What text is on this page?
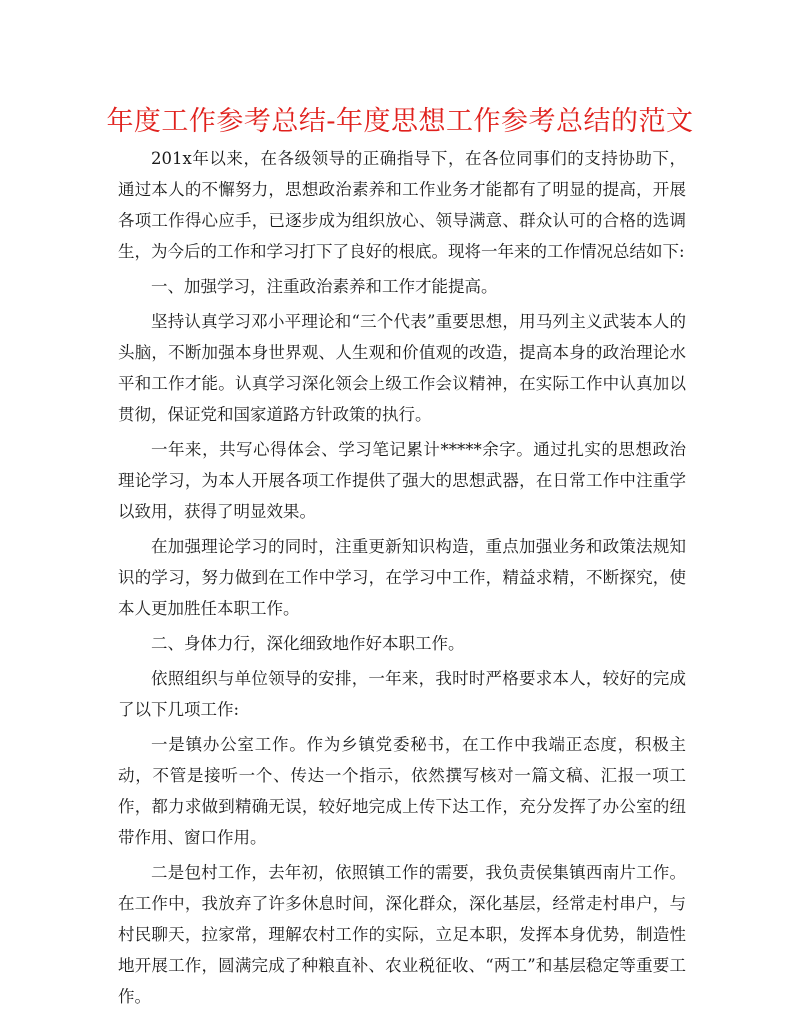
年度工作参考总结-年度思想工作参考总结的范文

201x年以来，在各级领导的正确指导下，在各位同事们的支持协助下，通过本人的不懈努力，思想政治素养和工作业务才能都有了明显的提高，开展各项工作得心应手，已逐步成为组织放心、领导满意、群众认可的合格的选调生，为今后的工作和学习打下了良好的根底。现将一年来的工作情况总结如下:

一、加强学习，注重政治素养和工作才能提高。

坚持认真学习邓小平理论和“三个代表”重要思想，用马列主义武装本人的头脑，不断加强本身世界观、人生观和价值观的改造，提高本身的政治理论水平和工作才能。认真学习深化领会上级工作会议精神，在实际工作中认真加以贯彻，保证党和国家道路方针政策的执行。

一年来，共写心得体会、学习笔记累计*****余字。通过扎实的思想政治理论学习，为本人开展各项工作提供了强大的思想武器，在日常工作中注重学以致用，获得了明显效果。

在加强理论学习的同时，注重更新知识构造，重点加强业务和政策法规知识的学习，努力做到在工作中学习，在学习中工作，精益求精，不断探究，使本人更加胜任本职工作。

二、身体力行，深化细致地作好本职工作。

依照组织与单位领导的安排，一年来，我时时严格要求本人，较好的完成了以下几项工作:

一是镇办公室工作。作为乡镇党委秘书，在工作中我端正态度，积极主动，不管是接听一个、传达一个指示，依然撰写核对一篇文稿、汇报一项工作，都力求做到精确无误，较好地完成上传下达工作，充分发挥了办公室的纽带作用、窗口作用。

二是包村工作，去年初，依照镇工作的需要，我负责侯集镇西南片工作。在工作中，我放弃了许多休息时间，深化群众，深化基层，经常走村串户，与村民聊天，拉家常，理解农村工作的实际，立足本职，发挥本身优势，制造性地开展工作，圆满完成了种粮直补、农业税征收、“两工”和基层稳定等重要工作。
